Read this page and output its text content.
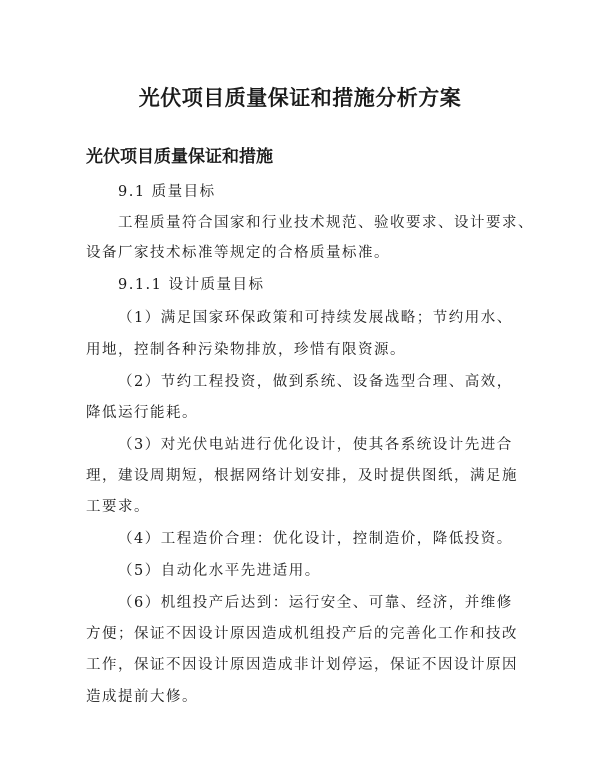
光伏项目质量保证和措施分析方案
光伏项目质量保证和措施
9.1 质量目标
工程质量符合国家和行业技术规范、验收要求、设计要求、
设备厂家技术标准等规定的合格质量标准。
9.1.1 设计质量目标
（1）满足国家环保政策和可持续发展战略；节约用水、
用地，控制各种污染物排放，珍惜有限资源。
（2）节约工程投资，做到系统、设备选型合理、高效，
降低运行能耗。
（3）对光伏电站进行优化设计，使其各系统设计先进合
理，建设周期短，根据网络计划安排，及时提供图纸，满足施
工要求。
（4）工程造价合理：优化设计，控制造价，降低投资。
（5）自动化水平先进适用。
（6）机组投产后达到：运行安全、可靠、经济，并维修
方便；保证不因设计原因造成机组投产后的完善化工作和技改
工作，保证不因设计原因造成非计划停运，保证不因设计原因
造成提前大修。
